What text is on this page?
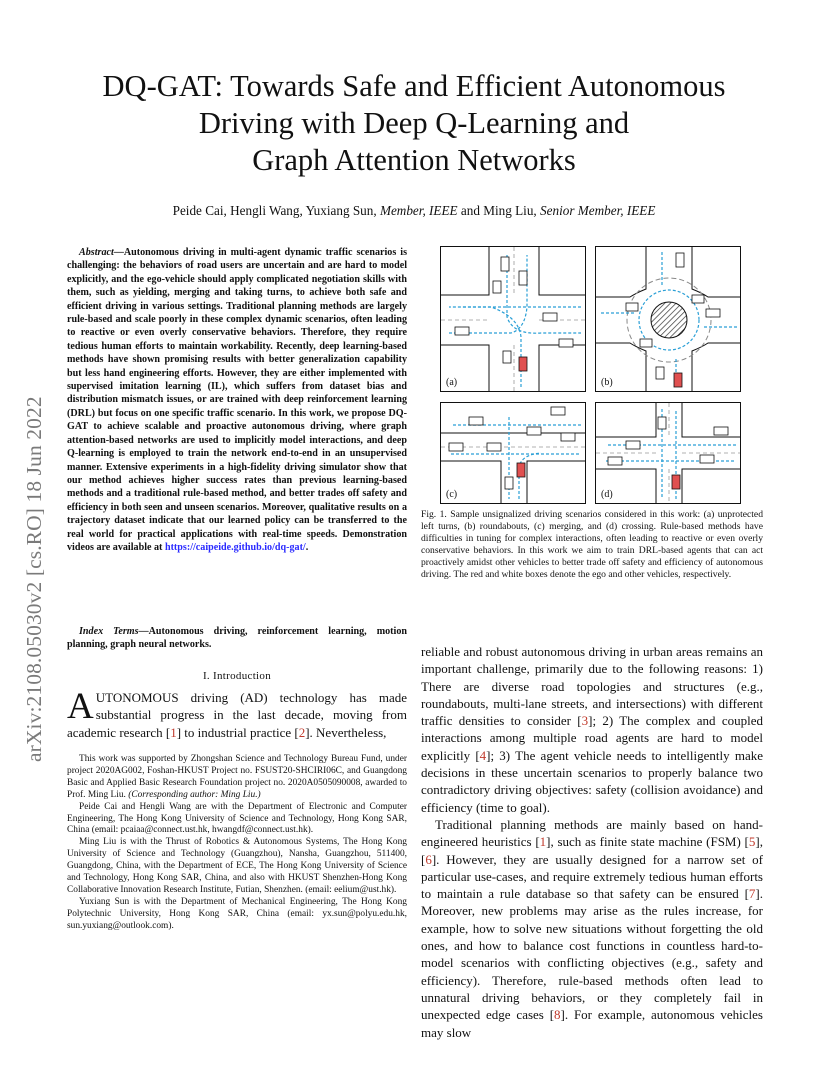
arXiv:2108.05030v2 [cs.RO] 18 Jun 2022
DQ-GAT: Towards Safe and Efficient Autonomous
Driving with Deep Q-Learning and
Graph Attention Networks
Peide Cai, Hengli Wang, Yuxiang Sun, Member, IEEE and Ming Liu, Senior Member, IEEE
Abstract—Autonomous driving in multi-agent dynamic traffic scenarios is challenging: the behaviors of road users are uncertain and are hard to model explicitly, and the ego-vehicle should apply complicated negotiation skills with them, such as yielding, merging and taking turns, to achieve both safe and efficient driving in various settings. Traditional planning methods are largely rule-based and scale poorly in these complex dynamic scenarios, often leading to reactive or even overly conservative behaviors. Therefore, they require tedious human efforts to maintain workability. Recently, deep learning-based methods have shown promising results with better generalization capability but less hand engineering efforts. However, they are either implemented with supervised imitation learning (IL), which suffers from dataset bias and distribution mismatch issues, or are trained with deep reinforcement learning (DRL) but focus on one specific traffic scenario. In this work, we propose DQ-GAT to achieve scalable and proactive autonomous driving, where graph attention-based networks are used to implicitly model interactions, and deep Q-learning is employed to train the network end-to-end in an unsupervised manner. Extensive experiments in a high-fidelity driving simulator show that our method achieves higher success rates than previous learning-based methods and a traditional rule-based method, and better trades off safety and efficiency in both seen and unseen scenarios. Moreover, qualitative results on a trajectory dataset indicate that our learned policy can be transferred to the real world for practical applications with real-time speeds. Demonstration videos are available at https://caipeide.github.io/dq-gat/.
Index Terms—Autonomous driving, reinforcement learning, motion planning, graph neural networks.
I. Introduction
AUTONOMOUS driving (AD) technology has made substantial progress in the last decade, moving from academic research [1] to industrial practice [2]. Nevertheless,

This work was supported by Zhongshan Science and Technology Bureau Fund, under project 2020AG002, Foshan-HKUST Project no. FSUST20-SHCIRI06C, and Guangdong Basic and Applied Basic Research Foundation project no. 2020A0505090008, awarded to Prof. Ming Liu. (Corresponding author: Ming Liu.)

Peide Cai and Hengli Wang are with the Department of Electronic and Computer Engineering, The Hong Kong University of Science and Technology, Hong Kong SAR, China (email: pcaiaa@connect.ust.hk, hwangdf@connect.ust.hk).

Ming Liu is with the Thrust of Robotics & Autonomous Systems, The Hong Kong University of Science and Technology (Guangzhou), Nansha, Guangzhou, 511400, Guangdong, China, with the Department of ECE, The Hong Kong University of Science and Technology, Hong Kong SAR, China, and also with HKUST Shenzhen-Hong Kong Collaborative Innovation Research Institute, Futian, Shenzhen. (email: eelium@ust.hk).

Yuxiang Sun is with the Department of Mechanical Engineering, The Hong Kong Polytechnic University, Hong Kong SAR, China (email: yx.sun@polyu.edu.hk, sun.yuxiang@outlook.com).

(a)	(b)
(c)	(d)
Fig. 1. Sample unsignalized driving scenarios considered in this work: (a) unprotected left turns, (b) roundabouts, (c) merging, and (d) crossing. Rule-based methods have difficulties in tuning for complex interactions, often leading to reactive or even overly conservative behaviors. In this work we aim to train DRL-based agents that can act proactively amidst other vehicles to better trade off safety and efficiency of autonomous driving. The red and white boxes denote the ego and other vehicles, respectively.

reliable and robust autonomous driving in urban areas remains an important challenge, primarily due to the following reasons: 1) There are diverse road topologies and structures (e.g., roundabouts, multi-lane streets, and intersections) with different traffic densities to consider [3]; 2) The complex and coupled interactions among multiple road agents are hard to model explicitly [4]; 3) The agent vehicle needs to intelligently make decisions in these uncertain scenarios to properly balance two contradictory driving objectives: safety (collision avoidance) and efficiency (time to goal).

Traditional planning methods are mainly based on hand-engineered heuristics [1], such as finite state machine (FSM) [5], [6]. However, they are usually designed for a narrow set of particular use-cases, and require extremely tedious human efforts to maintain a rule database so that safety can be ensured [7]. Moreover, new problems may arise as the rules increase, for example, how to solve new situations without forgetting the old ones, and how to balance cost functions in countless hard-to-model scenarios with conflicting objectives (e.g., safety and efficiency). Therefore, rule-based methods often lead to unnatural driving behaviors, or they completely fail in unexpected edge cases [8]. For example, autonomous vehicles may slow
